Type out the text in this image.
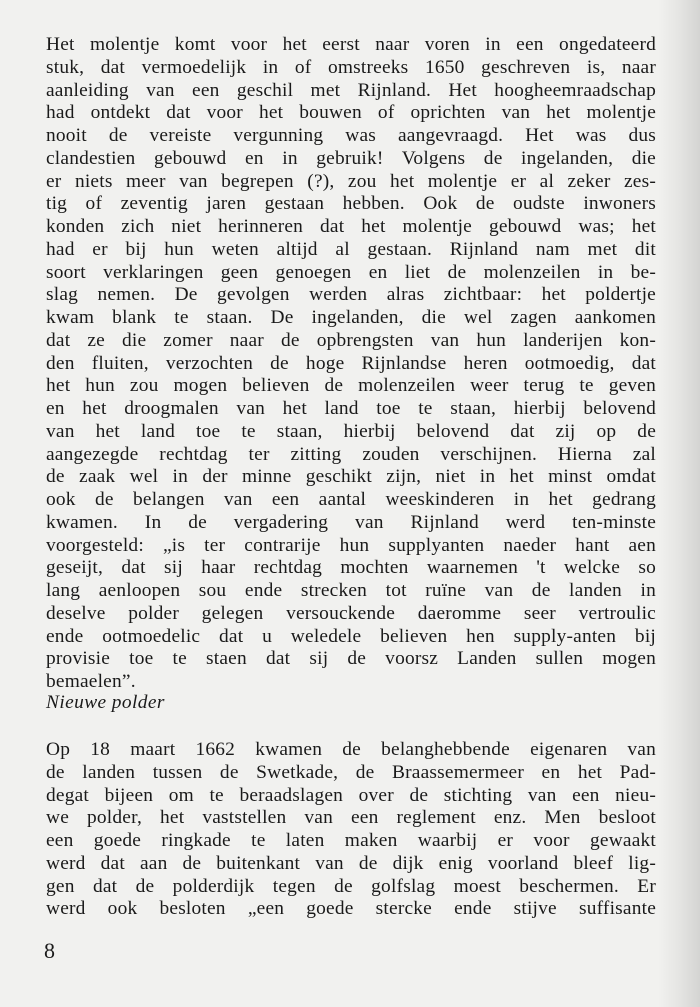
Het molentje komt voor het eerst naar voren in een ongedateerd
stuk, dat vermoedelijk in of omstreeks 1650 geschreven is, naar
aanleiding van een geschil met Rijnland. Het hoogheemraadschap
had ontdekt dat voor het bouwen of oprichten van het molentje
nooit de vereiste vergunning was aangevraagd. Het was dus
clandestien gebouwd en in gebruik! Volgens de ingelanden, die
er niets meer van begrepen (?), zou het molentje er al zeker zes-
tig of zeventig jaren gestaan hebben. Ook de oudste inwoners
konden zich niet herinneren dat het molentje gebouwd was; het
had er bij hun weten altijd al gestaan. Rijnland nam met dit
soort verklaringen geen genoegen en liet de molenzeilen in be-
slag nemen. De gevolgen werden alras zichtbaar: het poldertje
kwam blank te staan. De ingelanden, die wel zagen aankomen
dat ze die zomer naar de opbrengsten van hun landerijen kon-
den fluiten, verzochten de hoge Rijnlandse heren ootmoedig, dat
het hun zou mogen believen de molenzeilen weer terug te geven
en het droogmalen van het land toe te staan, hierbij belovend
van het land toe te staan, hierbij belovend dat zij op de
aangezegde rechtdag ter zitting zouden verschijnen. Hierna zal
de zaak wel in der minne geschikt zijn, niet in het minst omdat
ook de belangen van een aantal weeskinderen in het gedrang
kwamen. In de vergadering van Rijnland werd ten-minste
voorgesteld: „is ter contrarije hun supplyanten naeder hant aen
geseijt, dat sij haar rechtdag mochten waarnemen 't welcke so
lang aenloopen sou ende strecken tot ruïne van de landen in
deselve polder gelegen versouckende daeromme seer vertroulic
ende ootmoedelic dat u weledele believen hen supply-anten bij
provisie toe te staen dat sij de voorsz Landen sullen mogen
bemaelen”.

Nieuwe polder

Op 18 maart 1662 kwamen de belanghebbende eigenaren van
de landen tussen de Swetkade, de Braassemermeer en het Pad-
degat bijeen om te beraadslagen over de stichting van een nieu-
we polder, het vaststellen van een reglement enz. Men besloot
een goede ringkade te laten maken waarbij er voor gewaakt
werd dat aan de buitenkant van de dijk enig voorland bleef lig-
gen dat de polderdijk tegen de golfslag moest beschermen. Er
werd ook besloten „een goede stercke ende stijve suffisante

8
